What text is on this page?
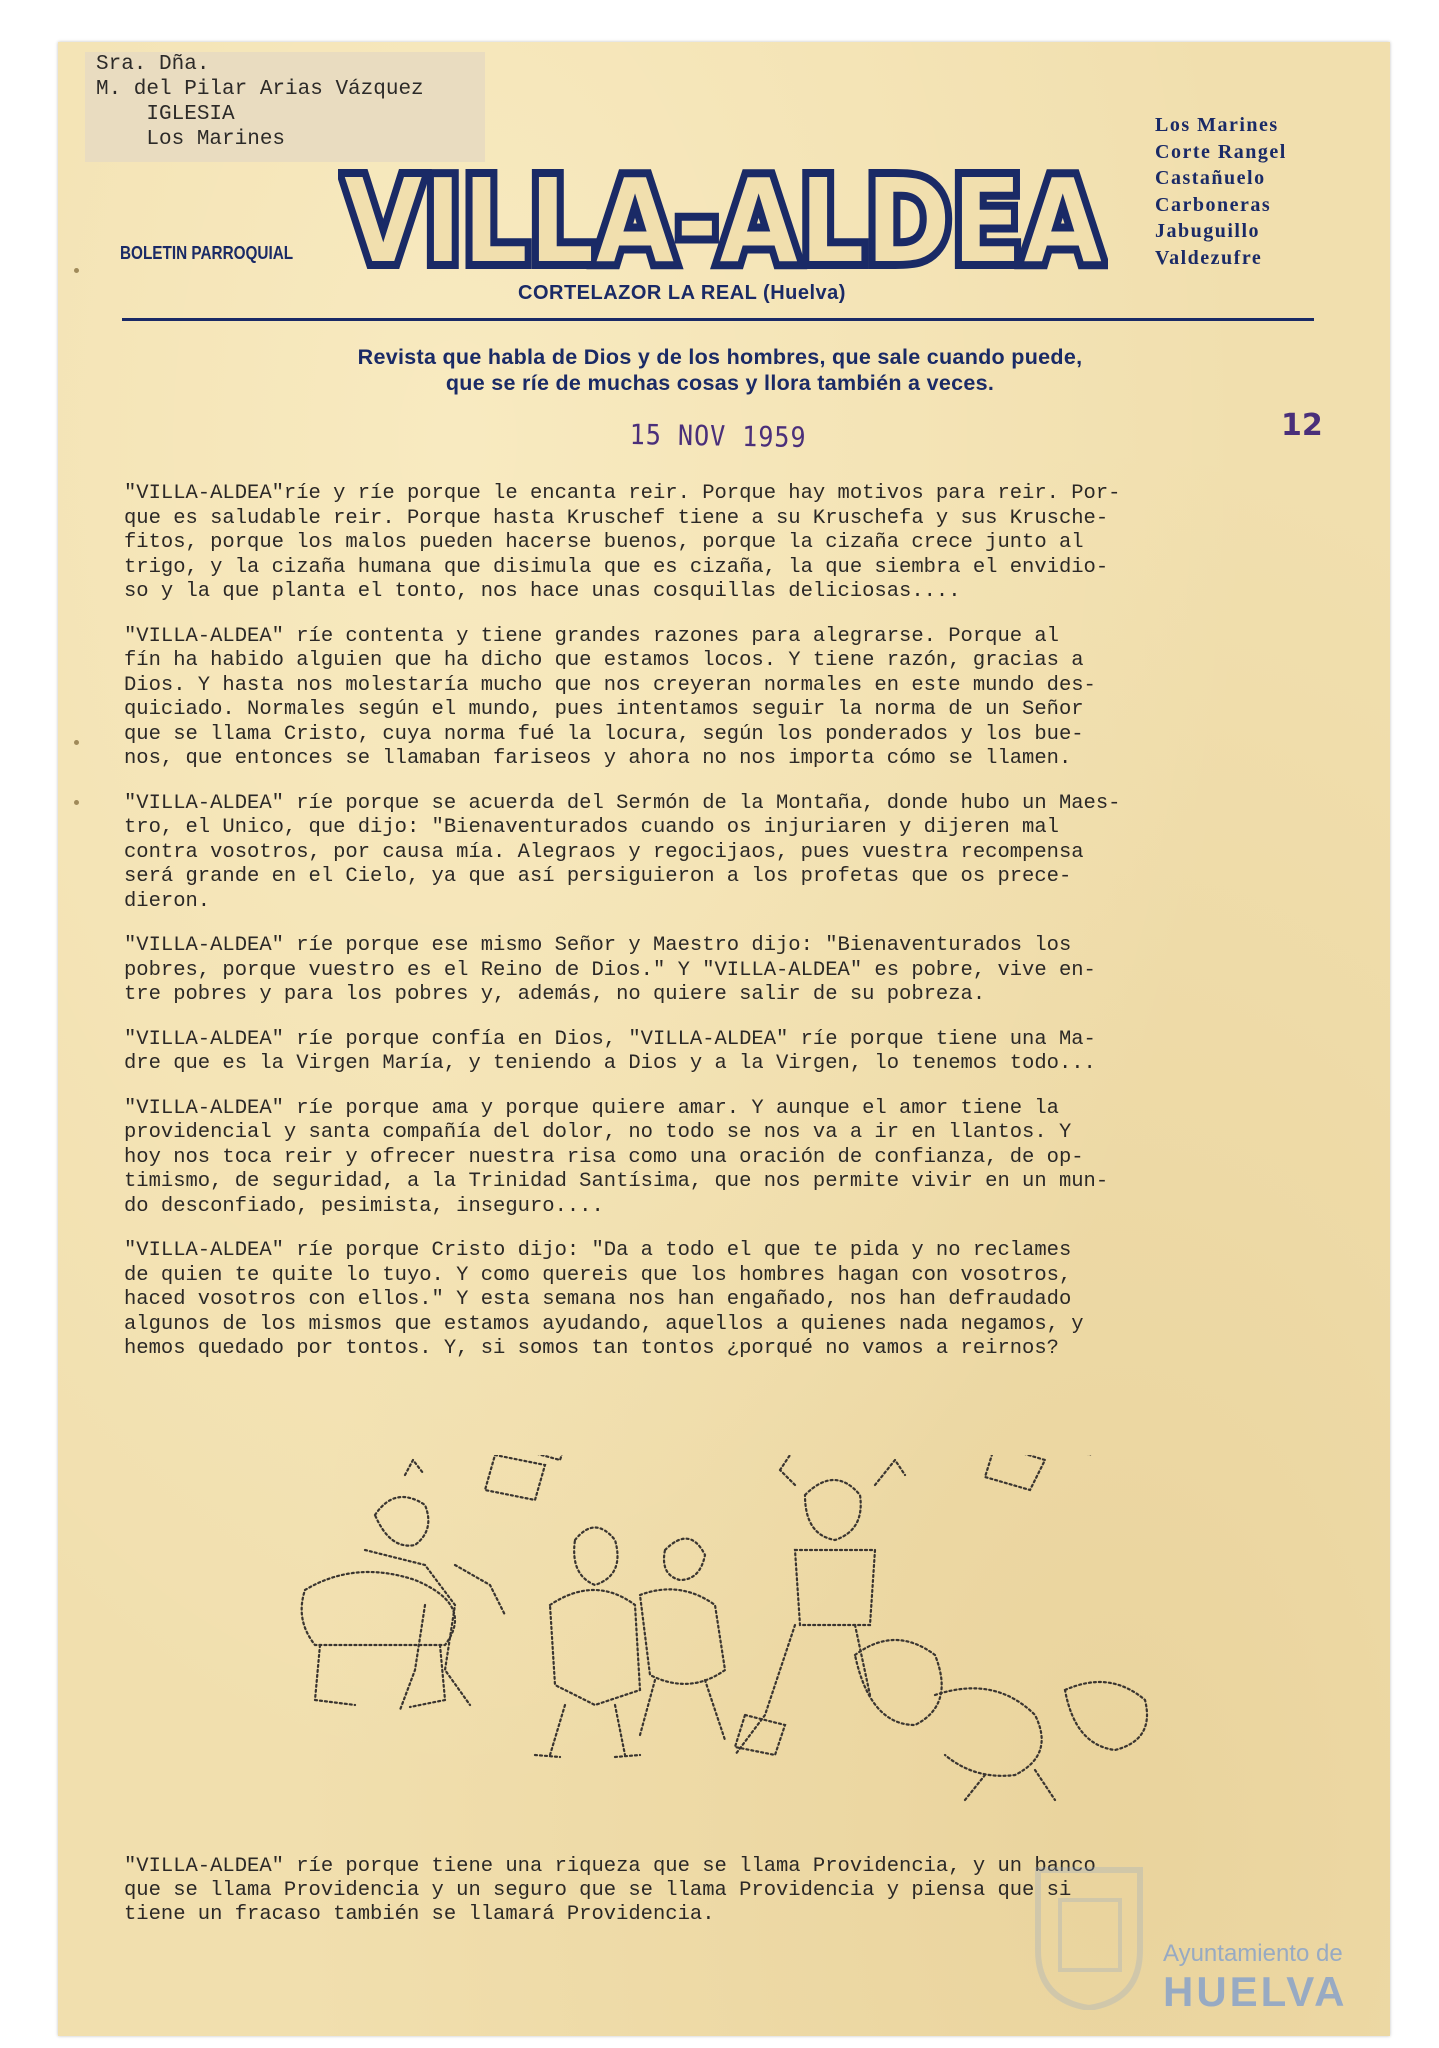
Sra. Dña.
M. del Pilar Arias Vázquez
IGLESIA
Los Marines
BOLETIN PARROQUIAL VILLA-ALDEA
VILLA-ALDEA
CORTELAZOR LA REAL (Huelva)
Los Marines
Corte Rangel
Castañuelo
Carboneras
Jabuguillo
Valdezufre
Revista que habla de Dios y de los hombres, que sale cuando puede,
que se ríe de muchas cosas y llora también a veces.
15 NOV 1959	12

"VILLA-ALDEA"ríe y ríe porque le encanta reir. Porque hay motivos para reir. Por-
que es saludable reir. Porque hasta Kruschef tiene a su Kruschefa y sus Krusche-
fitos, porque los malos pueden hacerse buenos, porque la cizaña crece junto al
trigo, y la cizaña humana que disimula que es cizaña, la que siembra el envidio-
so y la que planta el tonto, nos hace unas cosquillas deliciosas....

"VILLA-ALDEA" ríe contenta y tiene grandes razones para alegrarse. Porque al
fín ha habido alguien que ha dicho que estamos locos. Y tiene razón, gracias a
Dios. Y hasta nos molestaría mucho que nos creyeran normales en este mundo des-
quiciado. Normales según el mundo, pues intentamos seguir la norma de un Señor
que se llama Cristo, cuya norma fué la locura, según los ponderados y los bue-
nos, que entonces se llamaban fariseos y ahora no nos importa cómo se llamen.

"VILLA-ALDEA" ríe porque se acuerda del Sermón de la Montaña, donde hubo un Maes-
tro, el Unico, que dijo: "Bienaventurados cuando os injuriaren y dijeren mal
contra vosotros, por causa mía. Alegraos y regocijaos, pues vuestra recompensa
será grande en el Cielo, ya que así persiguieron a los profetas que os prece-
dieron.

"VILLA-ALDEA" ríe porque ese mismo Señor y Maestro dijo: "Bienaventurados los
pobres, porque vuestro es el Reino de Dios." Y "VILLA-ALDEA" es pobre, vive en-
tre pobres y para los pobres y, además, no quiere salir de su pobreza.

"VILLA-ALDEA" ríe porque confía en Dios, "VILLA-ALDEA" ríe porque tiene una Ma-
dre que es la Virgen María, y teniendo a Dios y a la Virgen, lo tenemos todo...

"VILLA-ALDEA" ríe porque ama y porque quiere amar. Y aunque el amor tiene la
providencial y santa compañía del dolor, no todo se nos va a ir en llantos. Y
hoy nos toca reir y ofrecer nuestra risa como una oración de confianza, de op-
timismo, de seguridad, a la Trinidad Santísima, que nos permite vivir en un mun-
do desconfiado, pesimista, inseguro....

"VILLA-ALDEA" ríe porque Cristo dijo: "Da a todo el que te pida y no reclames
de quien te quite lo tuyo. Y como quereis que los hombres hagan con vosotros,
haced vosotros con ellos." Y esta semana nos han engañado, nos han defraudado
algunos de los mismos que estamos ayudando, aquellos a quienes nada negamos, y
hemos quedado por tontos. Y, si somos tan tontos ¿porqué no vamos a reirnos?

"VILLA-ALDEA" ríe porque tiene una riqueza que se llama Providencia, y un banco
que se llama Providencia y un seguro que se llama Providencia y piensa que si
tiene un fracaso también se llamará Providencia.

Ayuntamiento de
HUELVA
